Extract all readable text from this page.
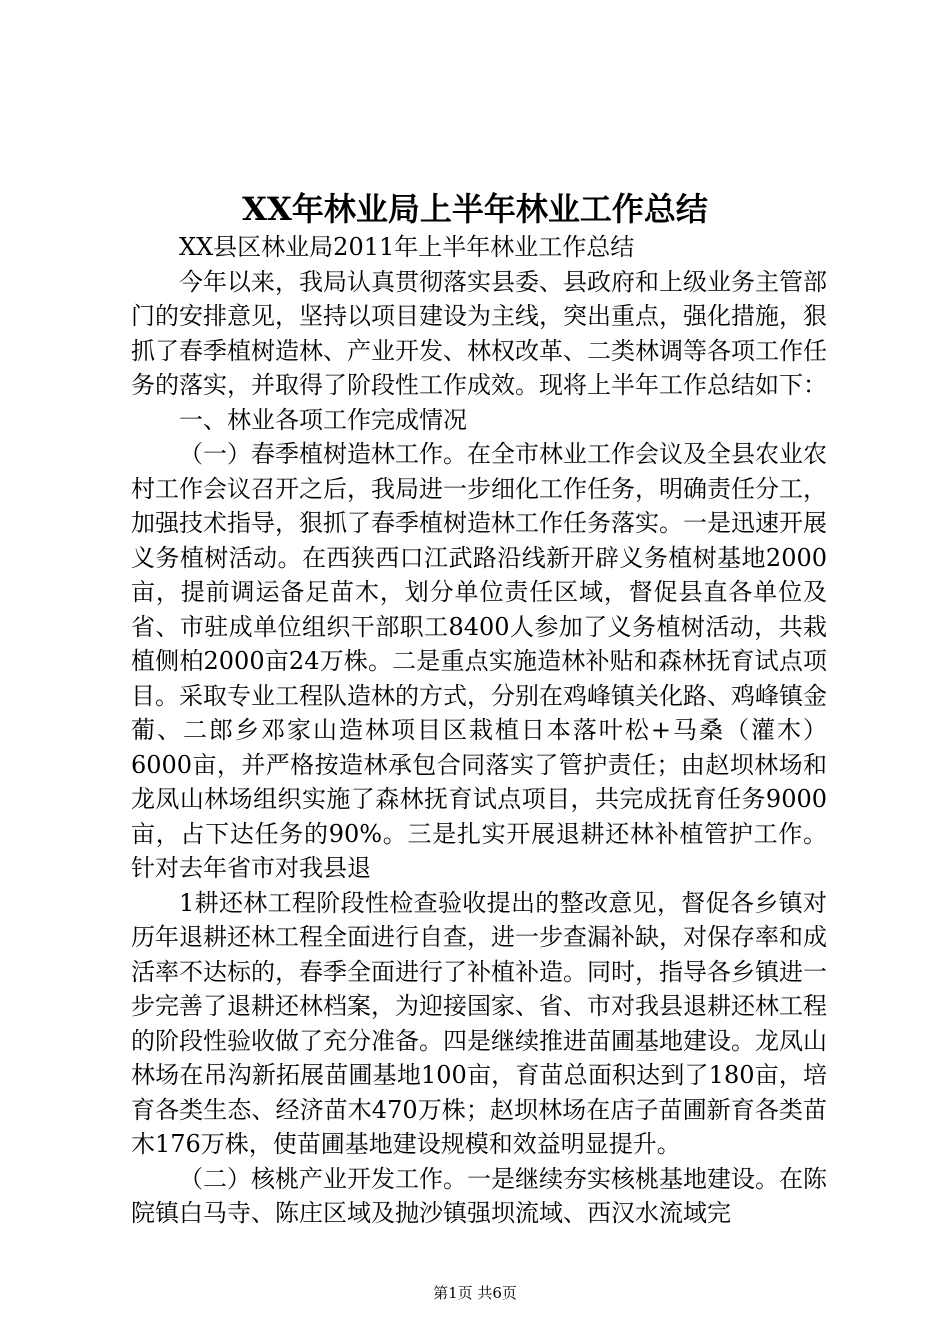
XX年林业局上半年林业工作总结

XX县区林业局2011年上半年林业工作总结

今年以来，我局认真贯彻落实县委、县政府和上级业务主管部门的安排意见，坚持以项目建设为主线，突出重点，强化措施，狠抓了春季植树造林、产业开发、林权改革、二类林调等各项工作任务的落实，并取得了阶段性工作成效。现将上半年工作总结如下：

一、林业各项工作完成情况

（一）春季植树造林工作。在全市林业工作会议及全县农业农村工作会议召开之后，我局进一步细化工作任务，明确责任分工，加强技术指导，狠抓了春季植树造林工作任务落实。一是迅速开展义务植树活动。在西狭西口江武路沿线新开辟义务植树基地2000亩，提前调运备足苗木，划分单位责任区域，督促县直各单位及省、市驻成单位组织干部职工8400人参加了义务植树活动，共栽植侧柏2000亩24万株。二是重点实施造林补贴和森林抚育试点项目。采取专业工程队造林的方式，分别在鸡峰镇关化路、鸡峰镇金葡、二郎乡邓家山造林项目区栽植日本落叶松+马桑（灌木）6000亩，并严格按造林承包合同落实了管护责任；由赵坝林场和龙凤山林场组织实施了森林抚育试点项目，共完成抚育任务9000亩，占下达任务的90%。三是扎实开展退耕还林补植管护工作。针对去年省市对我县退

1耕还林工程阶段性检查验收提出的整改意见，督促各乡镇对历年退耕还林工程全面进行自查，进一步查漏补缺，对保存率和成活率不达标的，春季全面进行了补植补造。同时，指导各乡镇进一步完善了退耕还林档案，为迎接国家、省、市对我县退耕还林工程的阶段性验收做了充分准备。四是继续推进苗圃基地建设。龙凤山林场在吊沟新拓展苗圃基地100亩，育苗总面积达到了180亩，培育各类生态、经济苗木470万株；赵坝林场在店子苗圃新育各类苗木176万株，使苗圃基地建设规模和效益明显提升。

（二）核桃产业开发工作。一是继续夯实核桃基地建设。在陈院镇白马寺、陈庄区域及抛沙镇强坝流域、西汉水流域完

第1页 共6页
